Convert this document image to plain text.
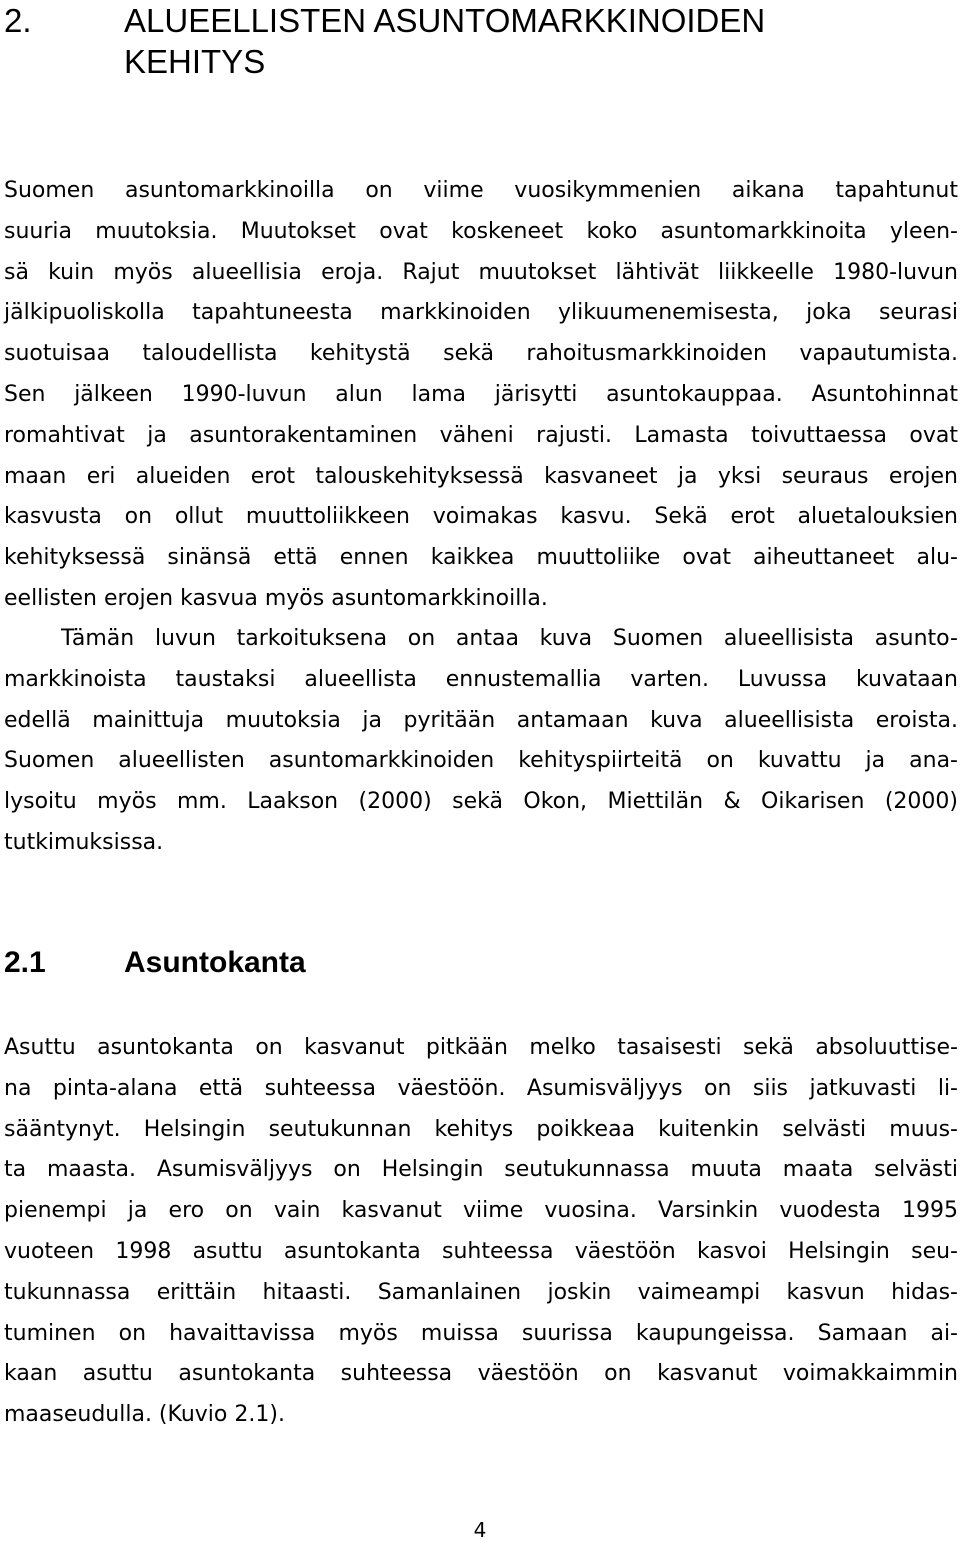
2.	ALUEELLISTEN ASUNTOMARKKINOIDEN
KEHITYS

Suomen asuntomarkkinoilla on viime vuosikymmenien aikana tapahtunut
suuria muutoksia. Muutokset ovat koskeneet koko asuntomarkkinoita yleen-
sä kuin myös alueellisia eroja. Rajut muutokset lähtivät liikkeelle 1980-luvun
jälkipuoliskolla tapahtuneesta markkinoiden ylikuumenemisesta, joka seurasi
suotuisaa taloudellista kehitystä sekä rahoitusmarkkinoiden vapautumista.
Sen jälkeen 1990-luvun alun lama järisytti asuntokauppaa. Asuntohinnat
romahtivat ja asuntorakentaminen väheni rajusti. Lamasta toivuttaessa ovat
maan eri alueiden erot talouskehityksessä kasvaneet ja yksi seuraus erojen
kasvusta on ollut muuttoliikkeen voimakas kasvu. Sekä erot aluetalouksien
kehityksessä sinänsä että ennen kaikkea muuttoliike ovat aiheuttaneet alu-
eellisten erojen kasvua myös asuntomarkkinoilla.

Tämän luvun tarkoituksena on antaa kuva Suomen alueellisista asunto-
markkinoista taustaksi alueellista ennustemallia varten. Luvussa kuvataan
edellä mainittuja muutoksia ja pyritään antamaan kuva alueellisista eroista.
Suomen alueellisten asuntomarkkinoiden kehityspiirteitä on kuvattu ja ana-
lysoitu myös mm. Laakson (2000) sekä Okon, Miettilän & Oikarisen (2000)
tutkimuksissa.

2.1	Asuntokanta

Asuttu asuntokanta on kasvanut pitkään melko tasaisesti sekä absoluuttise-
na pinta-alana että suhteessa väestöön. Asumisväljyys on siis jatkuvasti li-
sääntynyt. Helsingin seutukunnan kehitys poikkeaa kuitenkin selvästi muus-
ta maasta. Asumisväljyys on Helsingin seutukunnassa muuta maata selvästi
pienempi ja ero on vain kasvanut viime vuosina. Varsinkin vuodesta 1995
vuoteen 1998 asuttu asuntokanta suhteessa väestöön kasvoi Helsingin seu-
tukunnassa erittäin hitaasti. Samanlainen joskin vaimeampi kasvun hidas-
tuminen on havaittavissa myös muissa suurissa kaupungeissa. Samaan ai-
kaan asuttu asuntokanta suhteessa väestöön on kasvanut voimakkaimmin
maaseudulla. (Kuvio 2.1).

4
